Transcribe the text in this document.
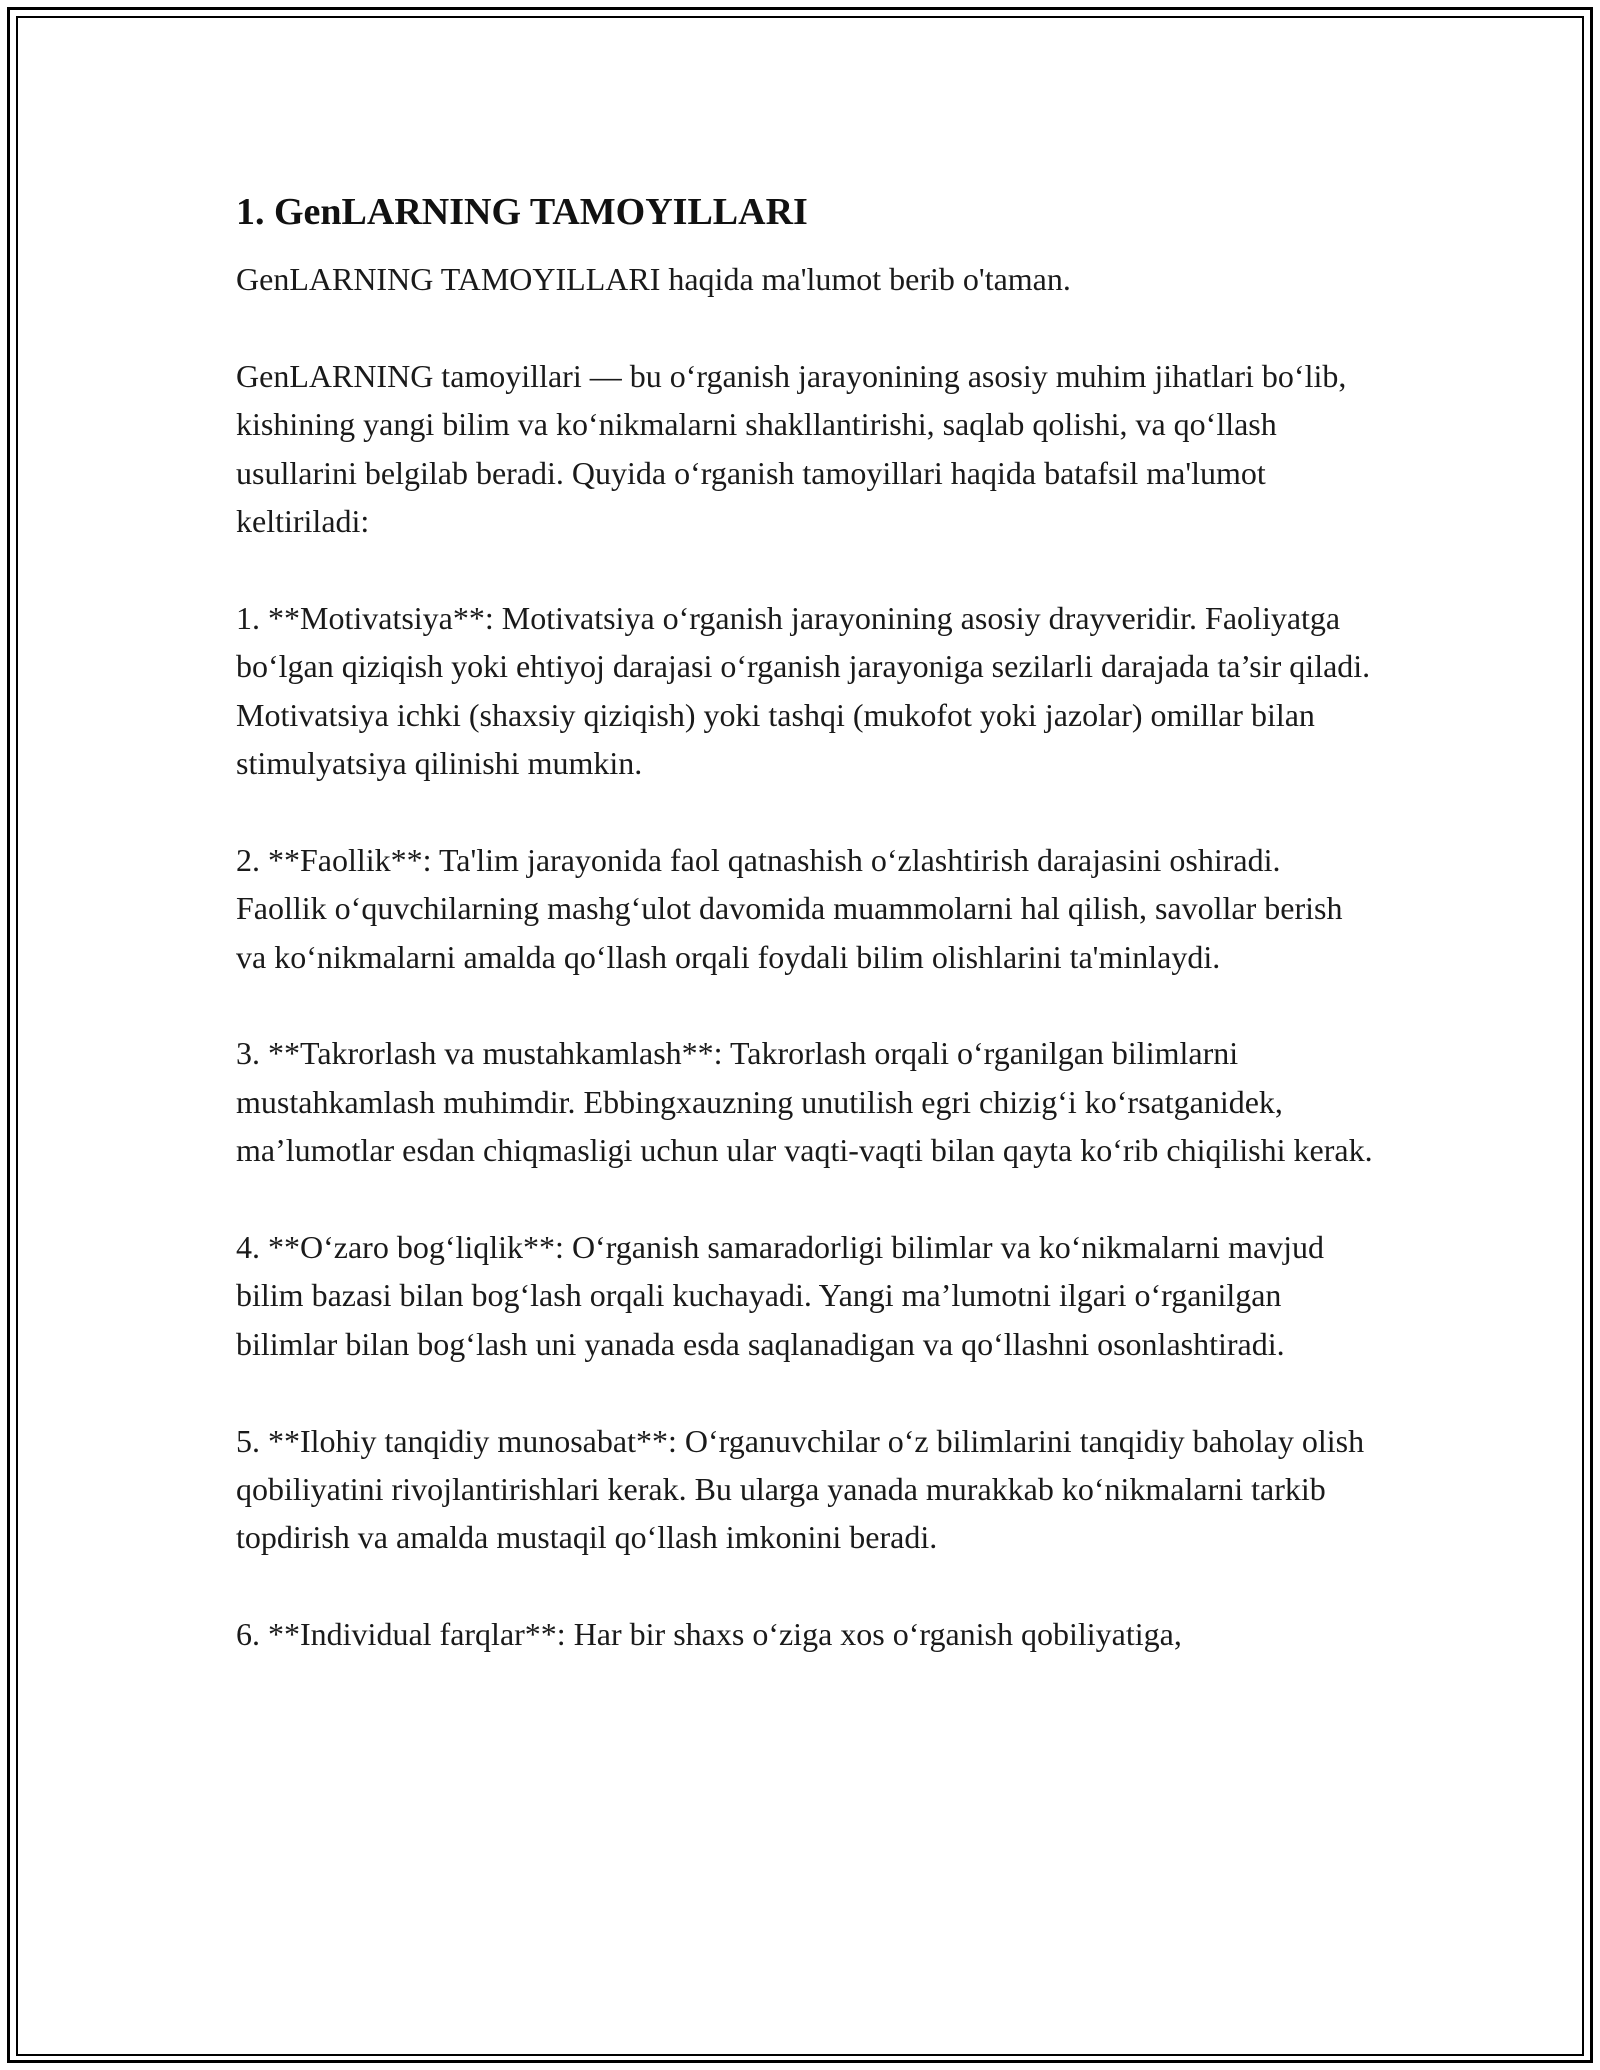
1. GenLARNING TAMOYILLARI

GenLARNING TAMOYILLARI haqida ma'lumot berib o'taman.

GenLARNING tamoyillari — bu o‘rganish jarayonining asosiy muhim jihatlari bo‘lib, kishining yangi bilim va ko‘nikmalarni shakllantirishi, saqlab qolishi, va qo‘llash usullarini belgilab beradi. Quyida o‘rganish tamoyillari haqida batafsil ma'lumot keltiriladi:

1. **Motivatsiya**: Motivatsiya o‘rganish jarayonining asosiy drayveridir. Faoliyatga bo‘lgan qiziqish yoki ehtiyoj darajasi o‘rganish jarayoniga sezilarli darajada ta’sir qiladi. Motivatsiya ichki (shaxsiy qiziqish) yoki tashqi (mukofot yoki jazolar) omillar bilan stimulyatsiya qilinishi mumkin.

2. **Faollik**: Ta'lim jarayonida faol qatnashish o‘zlashtirish darajasini oshiradi. Faollik o‘quvchilarning mashg‘ulot davomida muammolarni hal qilish, savollar berish va ko‘nikmalarni amalda qo‘llash orqali foydali bilim olishlarini ta'minlaydi.

3. **Takrorlash va mustahkamlash**: Takrorlash orqali o‘rganilgan bilimlarni mustahkamlash muhimdir. Ebbingxauzning unutilish egri chizig‘i ko‘rsatganidek, ma’lumotlar esdan chiqmasligi uchun ular vaqti-vaqti bilan qayta ko‘rib chiqilishi kerak.

4. **O‘zaro bog‘liqlik**: O‘rganish samaradorligi bilimlar va ko‘nikmalarni mavjud bilim bazasi bilan bog‘lash orqali kuchayadi. Yangi ma’lumotni ilgari o‘rganilgan bilimlar bilan bog‘lash uni yanada esda saqlanadigan va qo‘llashni osonlashtiradi.

5. **Ilohiy tanqidiy munosabat**: O‘rganuvchilar o‘z bilimlarini tanqidiy baholay olish qobiliyatini rivojlantirishlari kerak. Bu ularga yanada murakkab ko‘nikmalarni tarkib topdirish va amalda mustaqil qo‘llash imkonini beradi.

6. **Individual farqlar**: Har bir shaxs o‘ziga xos o‘rganish qobiliyatiga,
